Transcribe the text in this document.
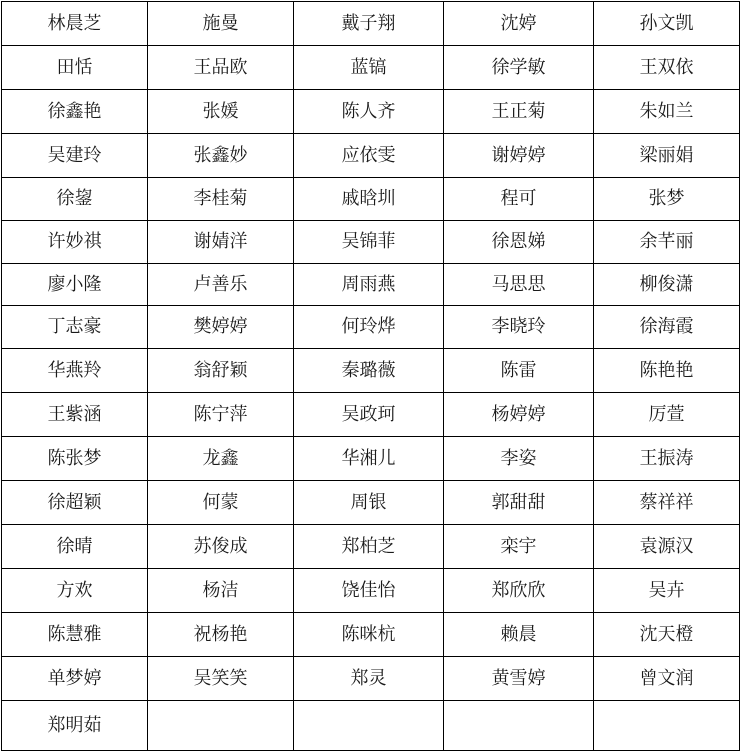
林晨芝	施曼	戴子翔	沈婷	孙文凯

田恬	王品欧	蓝镐	徐学敏	王双依

徐鑫艳	张媛	陈人齐	王正菊	朱如兰

吴建玲	张鑫妙	应依雯	谢婷婷	梁丽娟

徐鋆	李桂菊	戚晗圳	程可	张梦

许妙祺	谢婧洋	吴锦菲	徐恩娣	余芊丽

廖小隆	卢善乐	周雨燕	马思思	柳俊潇

丁志豪	樊婷婷	何玲烨	李晓玲	徐海霞

华燕羚	翁舒颖	秦璐薇	陈雷	陈艳艳

王紫涵	陈宁萍	吴政珂	杨婷婷	厉萱

陈张梦	龙鑫	华湘儿	李姿	王振涛

徐超颖	何蒙	周银	郭甜甜	蔡祥祥

徐晴	苏俊成	郑柏芝	栾宇	袁源汉

方欢	杨洁	饶佳怡	郑欣欣	吴卉

陈慧雅	祝杨艳	陈咪杭	赖晨	沈天橙

单梦婷	吴笑笑	郑灵	黄雪婷	曾文润

郑明茹				
